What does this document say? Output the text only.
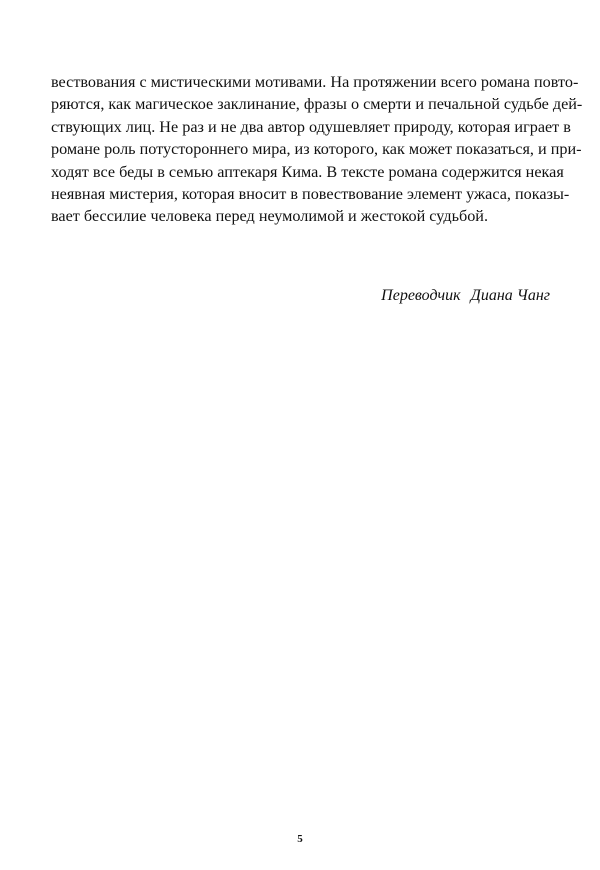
вествования с мистическими мотивами. На протяжении всего романа повто-
ряются, как магическое заклинание, фразы о смерти и печальной судьбе дей-
ствующих лиц. Не раз и не два автор одушевляет природу, которая играет в
романе роль потустороннего мира, из которого, как может показаться, и при-
ходят все беды в семью аптекаря Кима. В тексте романа содержится некая
неявная мистерия, которая вносит в повествование элемент ужаса, показы-
вает бессилие человека перед неумолимой и жестокой судьбой.

Переводчик Диана Чанг

5
